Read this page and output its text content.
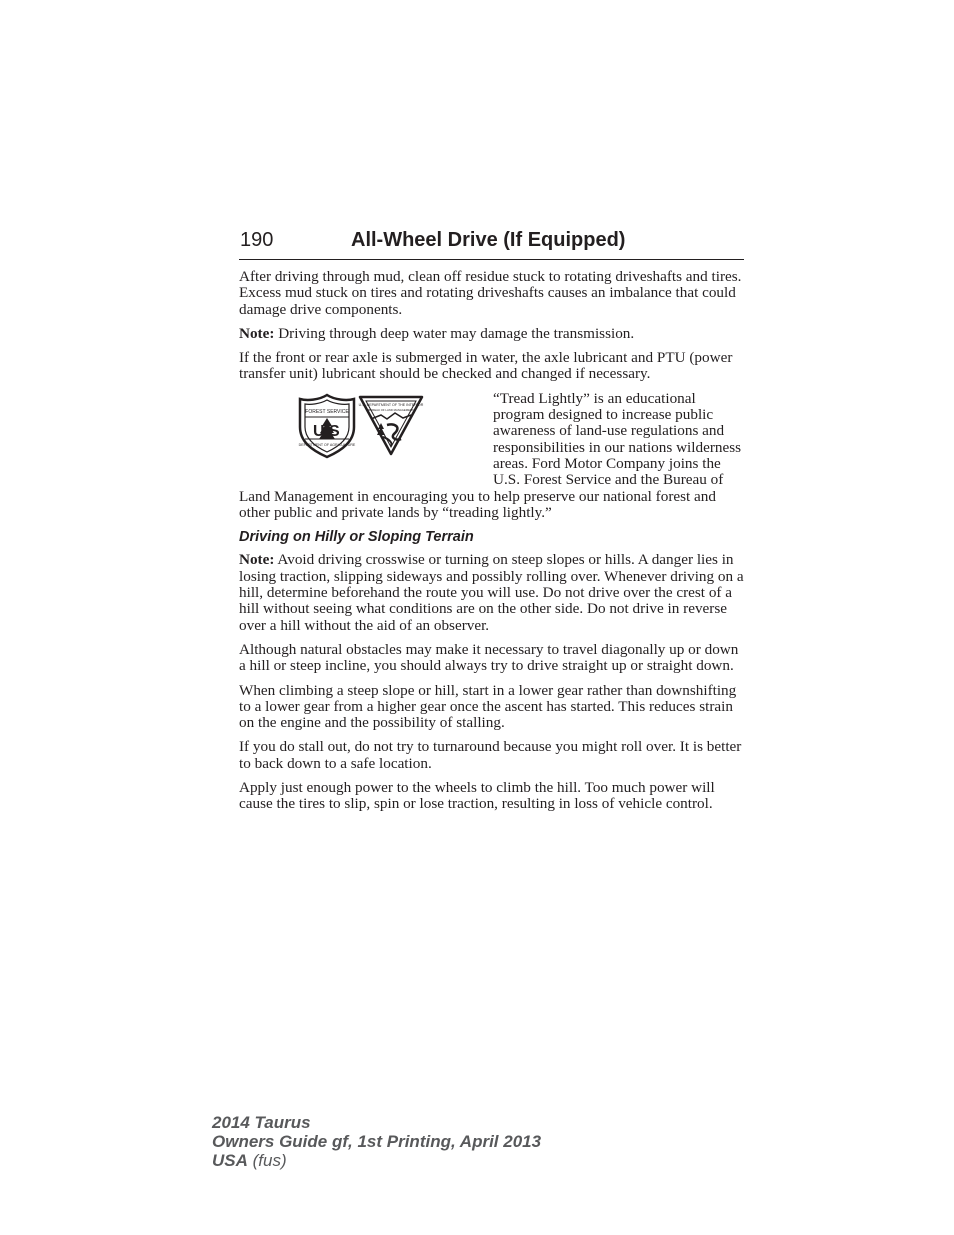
190	All-Wheel Drive (If Equipped)

After driving through mud, clean off residue stuck to rotating driveshafts and tires. Excess mud stuck on tires and rotating driveshafts causes an imbalance that could damage drive components.

Note: Driving through deep water may damage the transmission.

If the front or rear axle is submerged in water, the axle lubricant and PTU (power transfer unit) lubricant should be checked and changed if necessary.

U S
FOREST SERVICE
DEPARTMENT OF AGRICULTURE
U.S. DEPARTMENT OF THE INTERIOR
BUREAU OF LAND MANAGEMENT

“Tread Lightly” is an educational program designed to increase public awareness of land-use regulations and responsibilities in our nations wilderness areas. Ford Motor Company joins the U.S. Forest Service and the Bureau of Land Management in encouraging you to help preserve our national forest and other public and private lands by “treading lightly.”

Driving on Hilly or Sloping Terrain

Note: Avoid driving crosswise or turning on steep slopes or hills. A danger lies in losing traction, slipping sideways and possibly rolling over. Whenever driving on a hill, determine beforehand the route you will use. Do not drive over the crest of a hill without seeing what conditions are on the other side. Do not drive in reverse over a hill without the aid of an observer.

Although natural obstacles may make it necessary to travel diagonally up or down a hill or steep incline, you should always try to drive straight up or straight down.

When climbing a steep slope or hill, start in a lower gear rather than downshifting to a lower gear from a higher gear once the ascent has started. This reduces strain on the engine and the possibility of stalling.

If you do stall out, do not try to turnaround because you might roll over. It is better to back down to a safe location.

Apply just enough power to the wheels to climb the hill. Too much power will cause the tires to slip, spin or lose traction, resulting in loss of vehicle control.

2014 Taurus
Owners Guide gf, 1st Printing, April 2013
USA (fus)
